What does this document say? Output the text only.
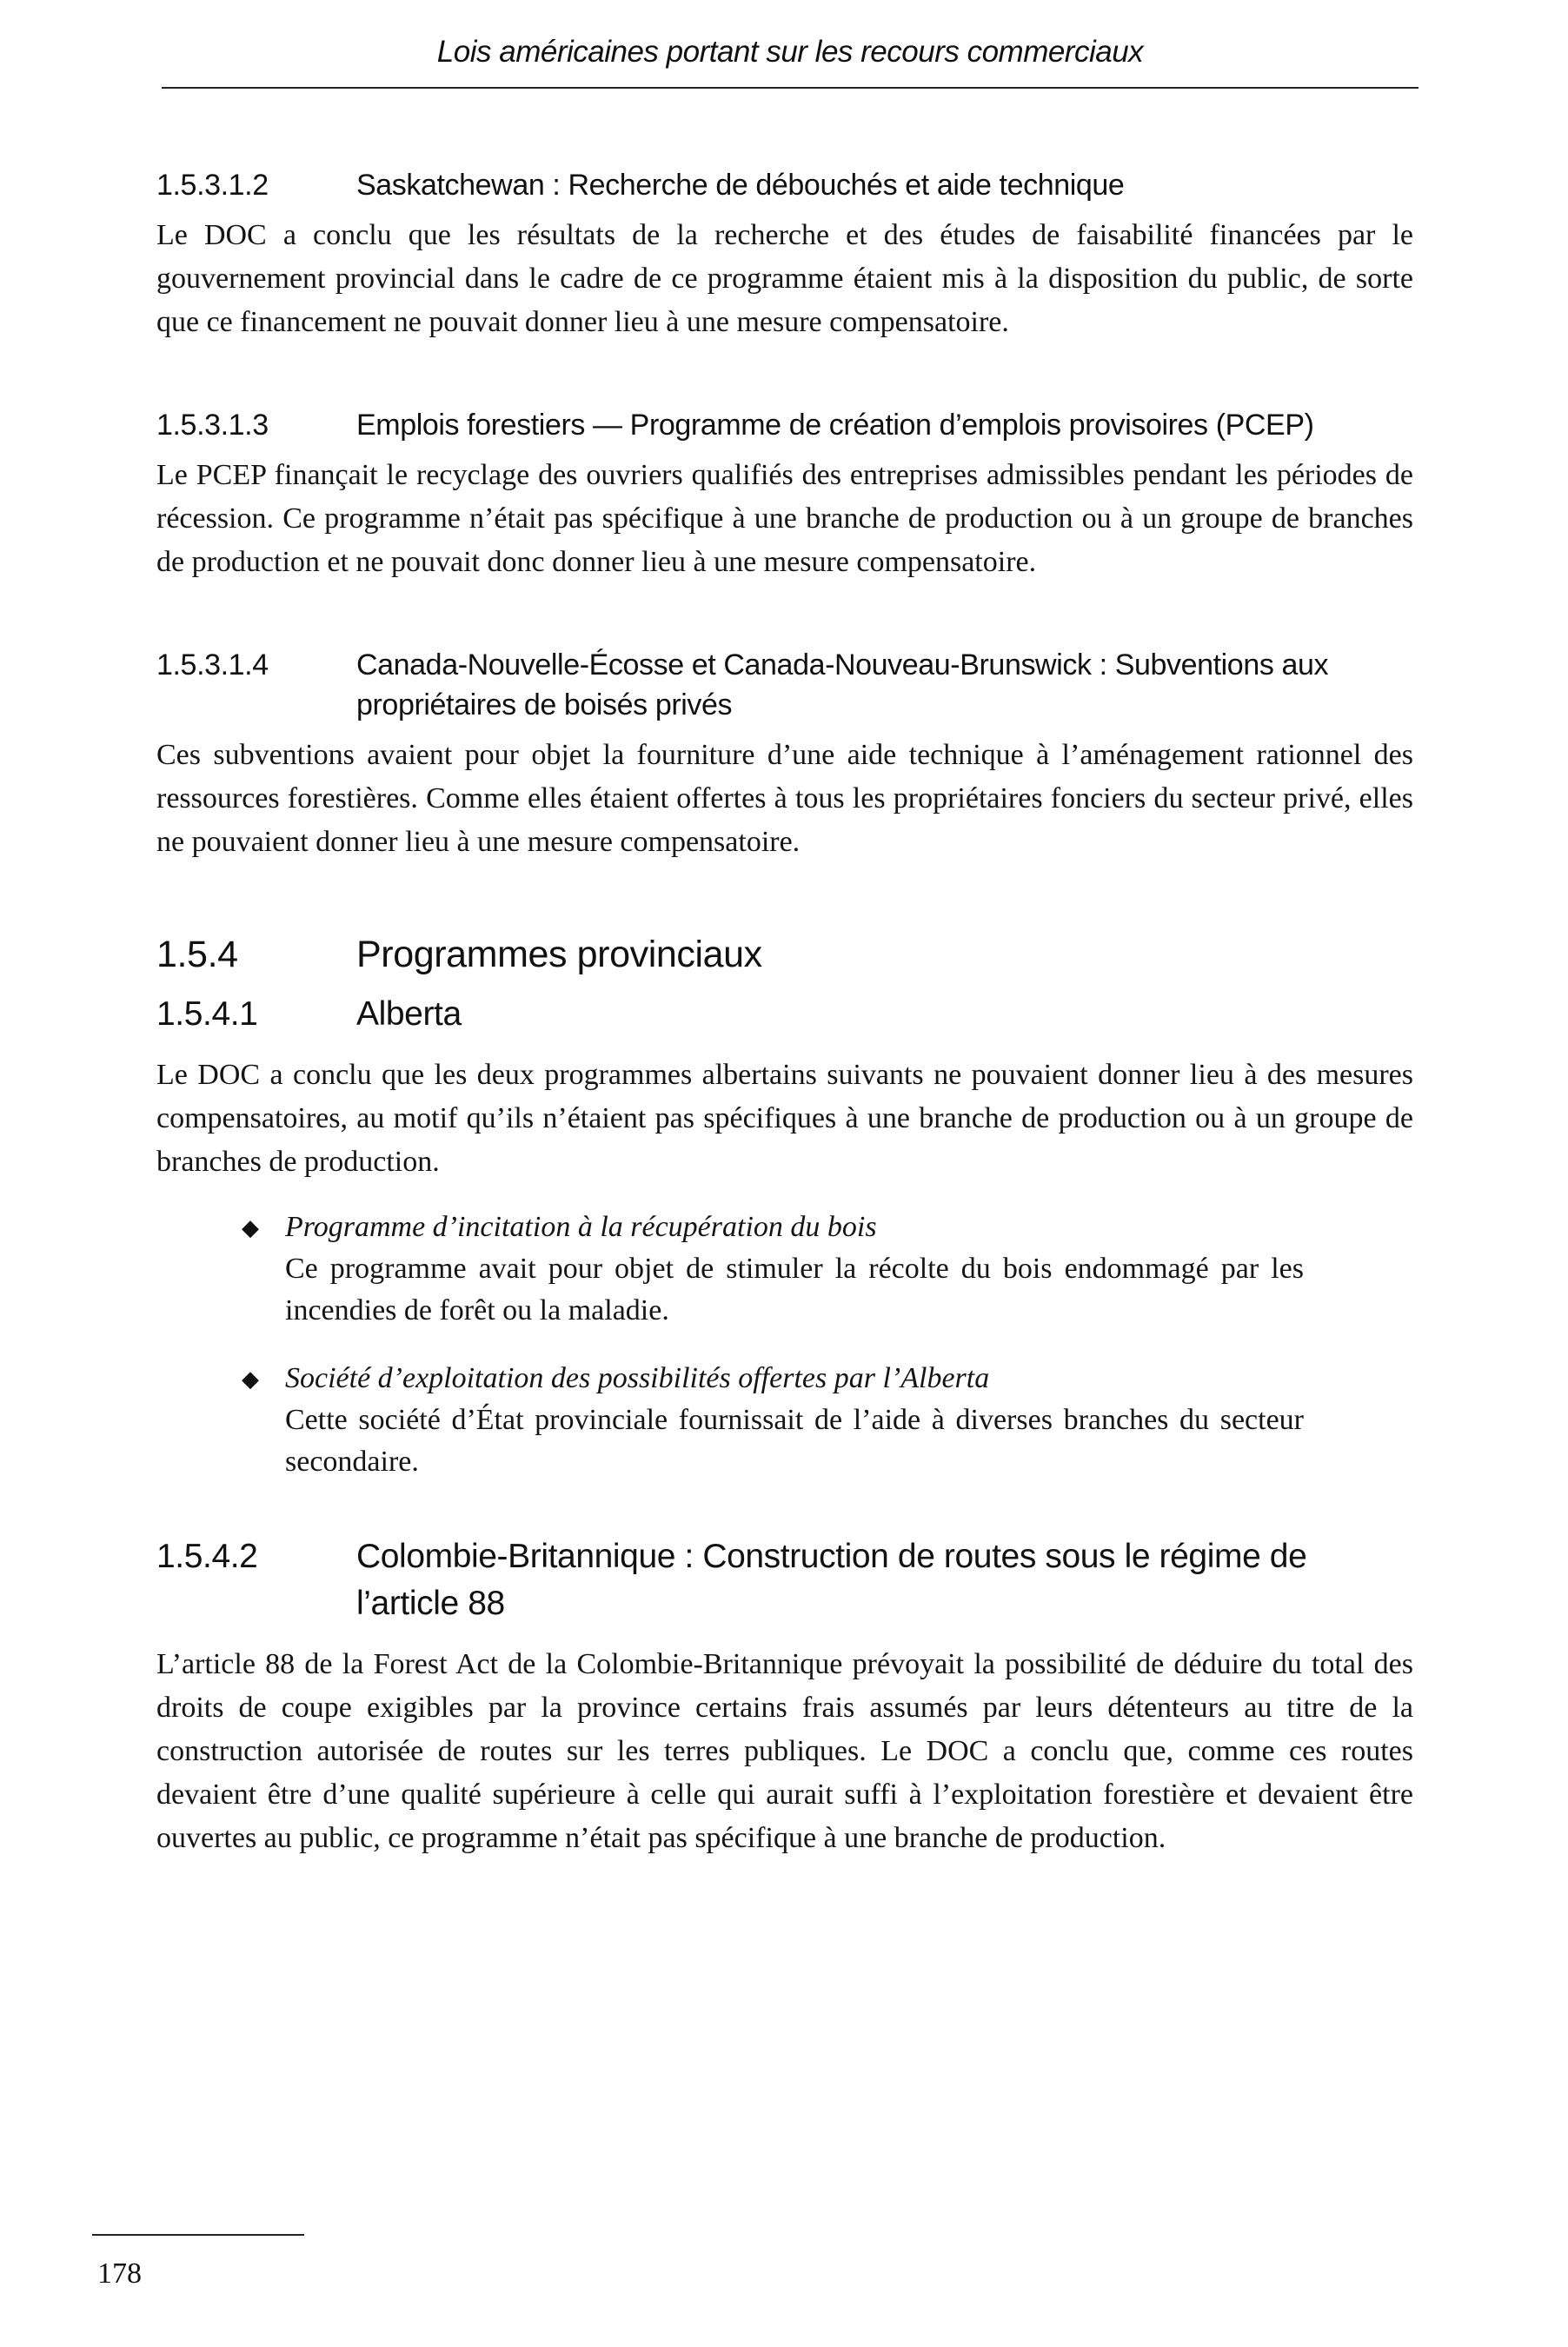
Lois américaines portant sur les recours commerciaux
1.5.3.1.2	Saskatchewan : Recherche de débouchés et aide technique

Le DOC a conclu que les résultats de la recherche et des études de faisabilité financées par le gouvernement provincial dans le cadre de ce programme étaient mis à la disposition du public, de sorte que ce financement ne pouvait donner lieu à une mesure compensatoire.

1.5.3.1.3	Emplois forestiers — Programme de création d’emplois provisoires (PCEP)

Le PCEP finançait le recyclage des ouvriers qualifiés des entreprises admissibles pendant les périodes de récession. Ce programme n’était pas spécifique à une branche de production ou à un groupe de branches de production et ne pouvait donc donner lieu à une mesure compensatoire.

1.5.3.1.4	Canada-Nouvelle-Écosse et Canada-Nouveau-Brunswick : Subventions aux propriétaires de boisés privés

Ces subventions avaient pour objet la fourniture d’une aide technique à l’aménagement rationnel des ressources forestières. Comme elles étaient offertes à tous les propriétaires fonciers du secteur privé, elles ne pouvaient donner lieu à une mesure compensatoire.

1.5.4	Programmes provinciaux
1.5.4.1	Alberta

Le DOC a conclu que les deux programmes albertains suivants ne pouvaient donner lieu à des mesures compensatoires, au motif qu’ils n’étaient pas spécifiques à une branche de production ou à un groupe de branches de production.

◆ Programme d’incitation à la récupération du bois
Ce programme avait pour objet de stimuler la récolte du bois endommagé par les incendies de forêt ou la maladie.
◆ Société d’exploitation des possibilités offertes par l’Alberta
Cette société d’État provinciale fournissait de l’aide à diverses branches du secteur secondaire.
1.5.4.2	Colombie-Britannique : Construction de routes sous le régime de l’article 88

L’article 88 de la Forest Act de la Colombie-Britannique prévoyait la possibilité de déduire du total des droits de coupe exigibles par la province certains frais assumés par leurs détenteurs au titre de la construction autorisée de routes sur les terres publiques. Le DOC a conclu que, comme ces routes devaient être d’une qualité supérieure à celle qui aurait suffi à l’exploitation forestière et devaient être ouvertes au public, ce programme n’était pas spécifique à une branche de production.

178
